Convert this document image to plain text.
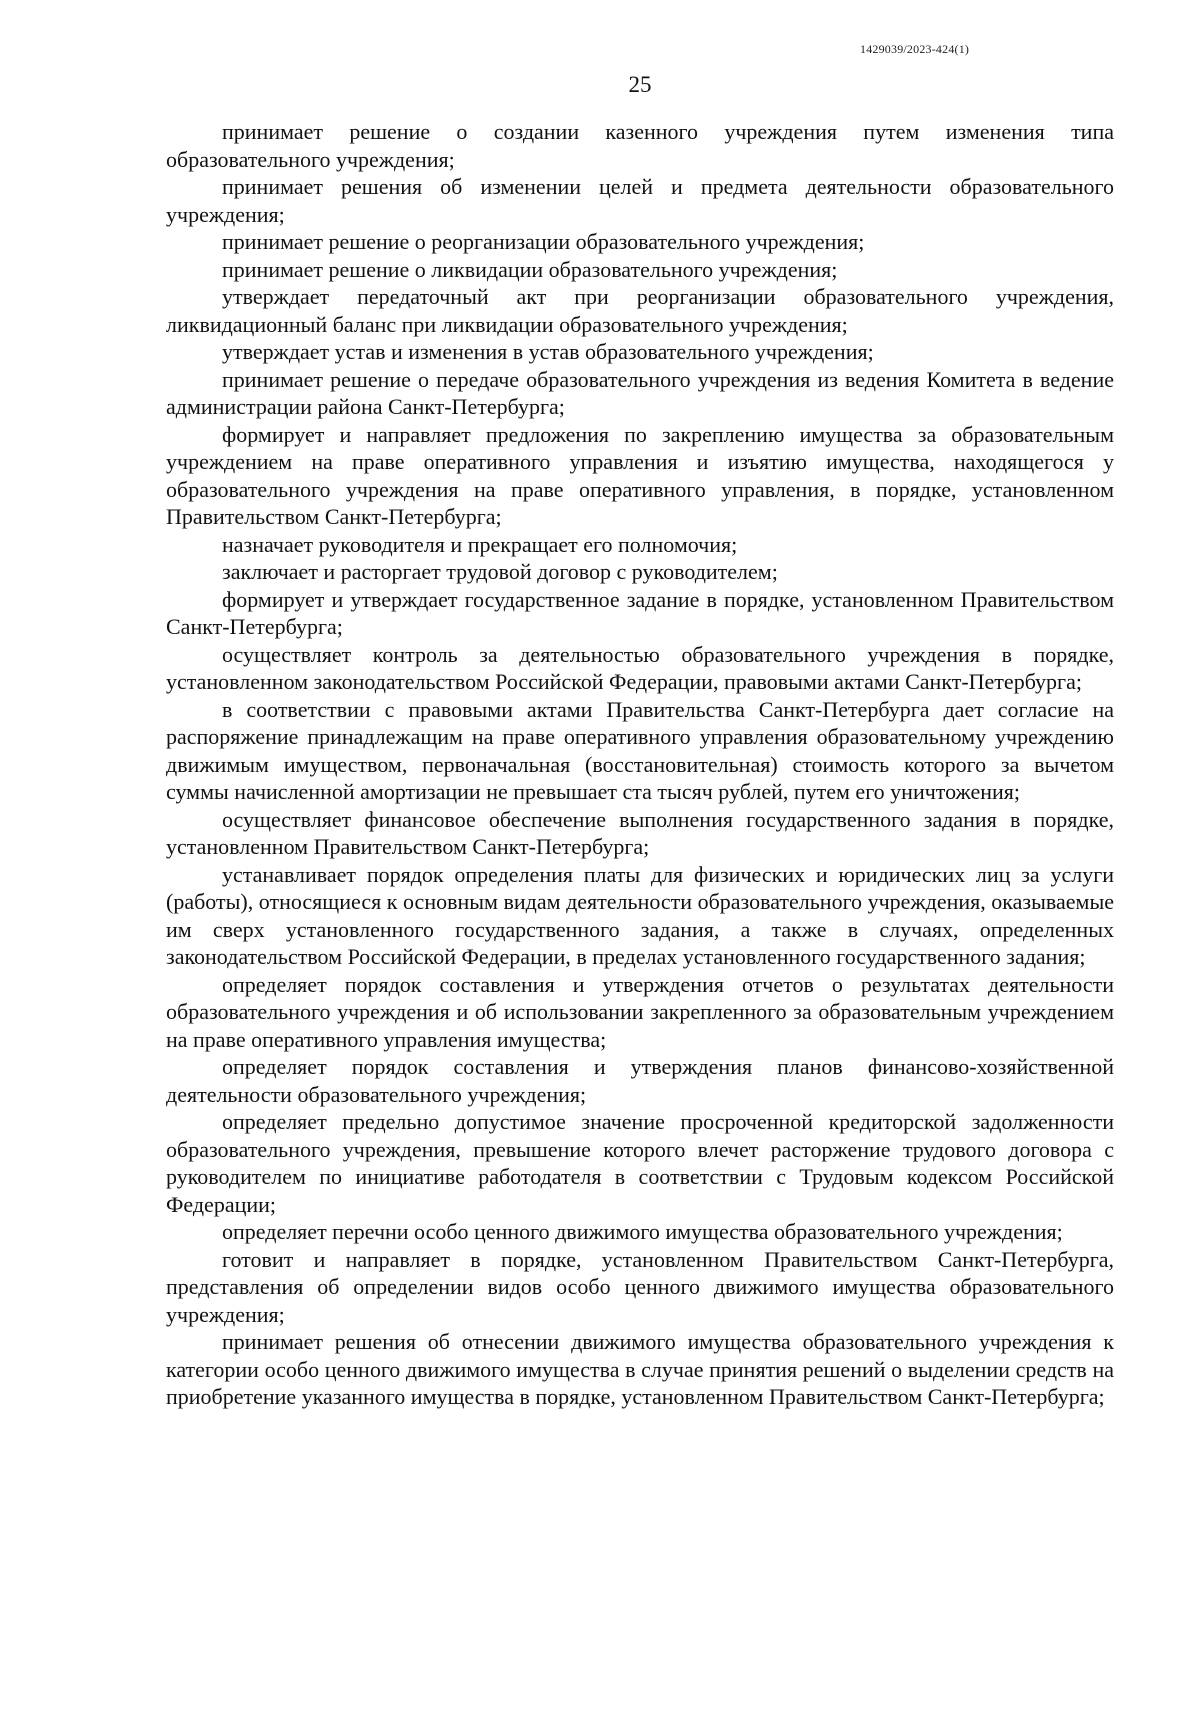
1429039/2023-424(1)
25

принимает решение о создании казенного учреждения путем изменения типа образовательного учреждения;

принимает решения об изменении целей и предмета деятельности образовательного учреждения;

принимает решение о реорганизации образовательного учреждения;

принимает решение о ликвидации образовательного учреждения;

утверждает передаточный акт при реорганизации образовательного учреждения, ликвидационный баланс при ликвидации образовательного учреждения;

утверждает устав и изменения в устав образовательного учреждения;

принимает решение о передаче образовательного учреждения из ведения Комитета в ведение администрации района Санкт-Петербурга;

формирует и направляет предложения по закреплению имущества за образовательным учреждением на праве оперативного управления и изъятию имущества, находящегося у образовательного учреждения на праве оперативного управления, в порядке, установленном Правительством Санкт-Петербурга;

назначает руководителя и прекращает его полномочия;

заключает и расторгает трудовой договор с руководителем;

формирует и утверждает государственное задание в порядке, установленном Правительством Санкт-Петербурга;

осуществляет контроль за деятельностью образовательного учреждения в порядке, установленном законодательством Российской Федерации, правовыми актами Санкт-Петербурга;

в соответствии с правовыми актами Правительства Санкт-Петербурга дает согласие на распоряжение принадлежащим на праве оперативного управления образовательному учреждению движимым имуществом, первоначальная (восстановительная) стоимость которого за вычетом суммы начисленной амортизации не превышает ста тысяч рублей, путем его уничтожения;

осуществляет финансовое обеспечение выполнения государственного задания в порядке, установленном Правительством Санкт-Петербурга;

устанавливает порядок определения платы для физических и юридических лиц за услуги (работы), относящиеся к основным видам деятельности образовательного учреждения, оказываемые им сверх установленного государственного задания, а также в случаях, определенных законодательством Российской Федерации, в пределах установленного государственного задания;

определяет порядок составления и утверждения отчетов о результатах деятельности образовательного учреждения и об использовании закрепленного за образовательным учреждением на праве оперативного управления имущества;

определяет порядок составления и утверждения планов финансово-хозяйственной деятельности образовательного учреждения;

определяет предельно допустимое значение просроченной кредиторской задолженности образовательного учреждения, превышение которого влечет расторжение трудового договора с руководителем по инициативе работодателя в соответствии с Трудовым кодексом Российской Федерации;

определяет перечни особо ценного движимого имущества образовательного учреждения;

готовит и направляет в порядке, установленном Правительством Санкт-Петербурга, представления об определении видов особо ценного движимого имущества образовательного учреждения;

принимает решения об отнесении движимого имущества образовательного учреждения к категории особо ценного движимого имущества в случае принятия решений о выделении средств на приобретение указанного имущества в порядке, установленном Правительством Санкт-Петербурга;
